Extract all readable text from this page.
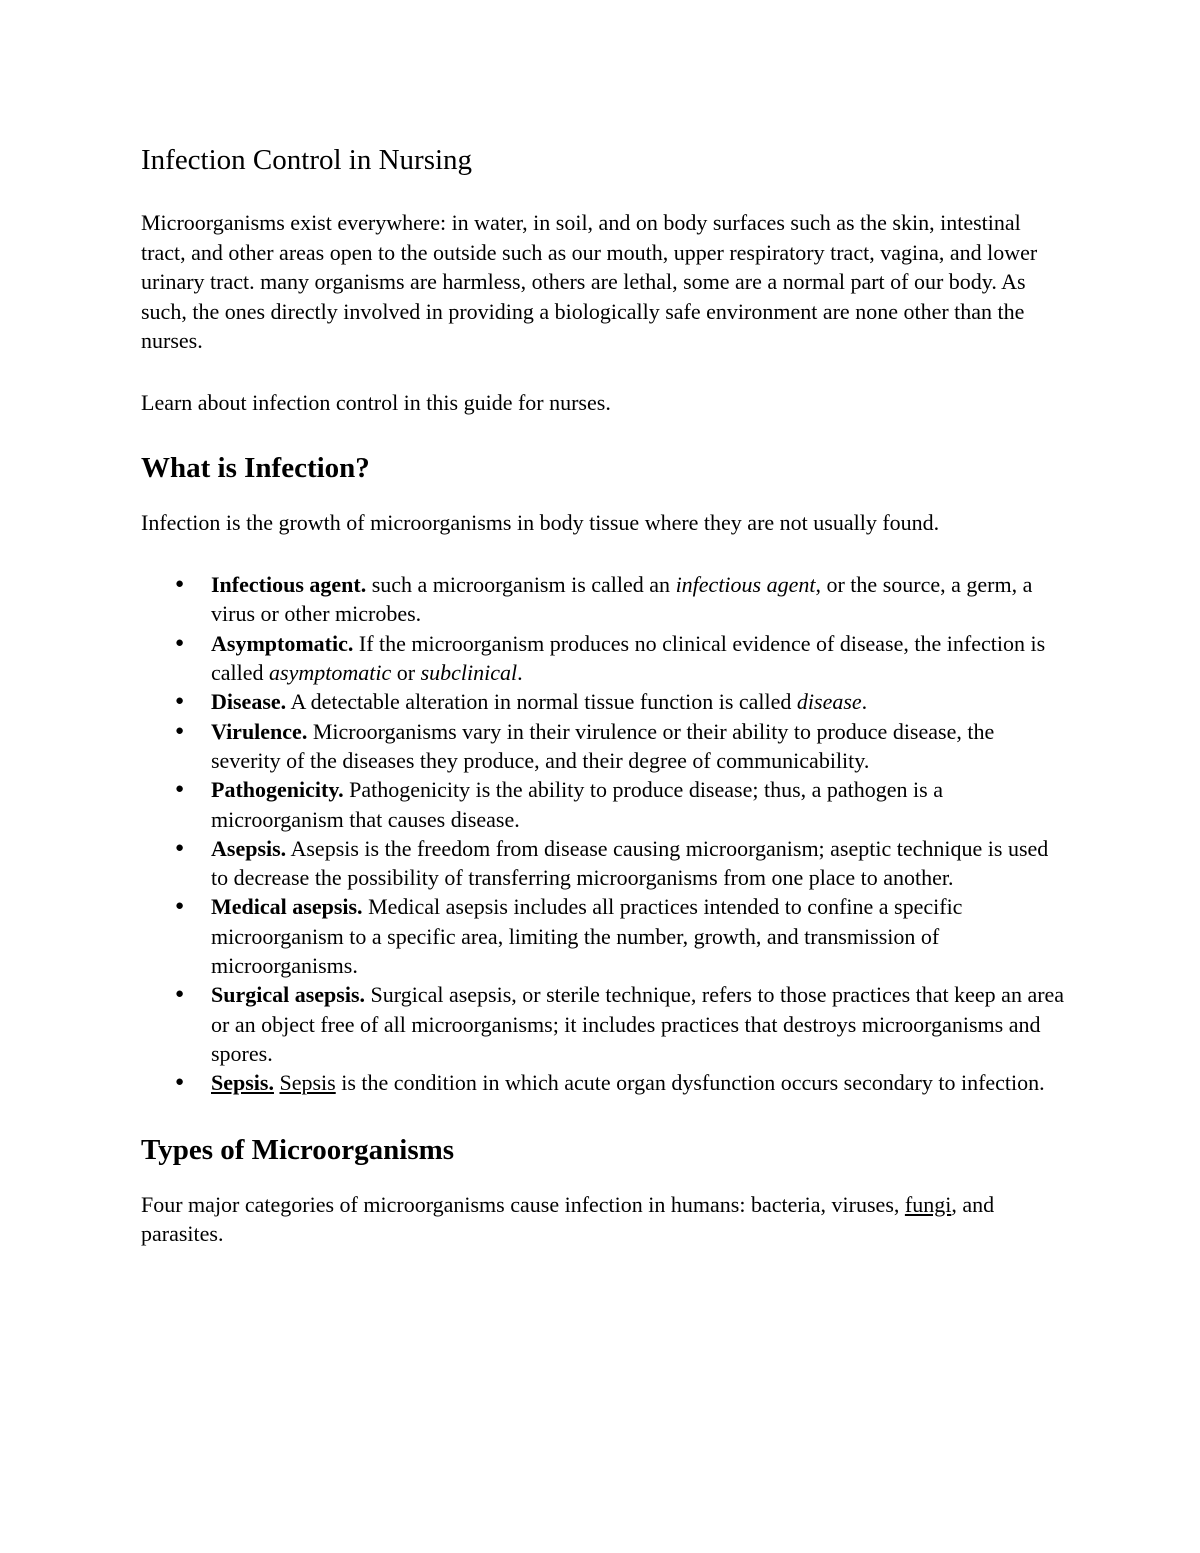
Infection Control in Nursing

Microorganisms exist everywhere: in water, in soil, and on body surfaces such as the skin, intestinal tract, and other areas open to the outside such as our mouth, upper respiratory tract, vagina, and lower urinary tract. many organisms are harmless, others are lethal, some are a normal part of our body. As such, the ones directly involved in providing a biologically safe environment are none other than the nurses.

Learn about infection control in this guide for nurses.

What is Infection?

Infection is the growth of microorganisms in body tissue where they are not usually found.

● Infectious agent. such a microorganism is called an infectious agent, or the source, a germ, a virus or other microbes.
● Asymptomatic. If the microorganism produces no clinical evidence of disease, the infection is called asymptomatic or subclinical.
● Disease. A detectable alteration in normal tissue function is called disease.
● Virulence. Microorganisms vary in their virulence or their ability to produce disease, the severity of the diseases they produce, and their degree of communicability.
● Pathogenicity. Pathogenicity is the ability to produce disease; thus, a pathogen is a microorganism that causes disease.
● Asepsis. Asepsis is the freedom from disease causing microorganism; aseptic technique is used to decrease the possibility of transferring microorganisms from one place to another.
● Medical asepsis. Medical asepsis includes all practices intended to confine a specific microorganism to a specific area, limiting the number, growth, and transmission of microorganisms.
● Surgical asepsis. Surgical asepsis, or sterile technique, refers to those practices that keep an area or an object free of all microorganisms; it includes practices that destroys microorganisms and spores.
● Sepsis. Sepsis is the condition in which acute organ dysfunction occurs secondary to infection.
Types of Microorganisms

Four major categories of microorganisms cause infection in humans: bacteria, viruses, fungi, and parasites.
